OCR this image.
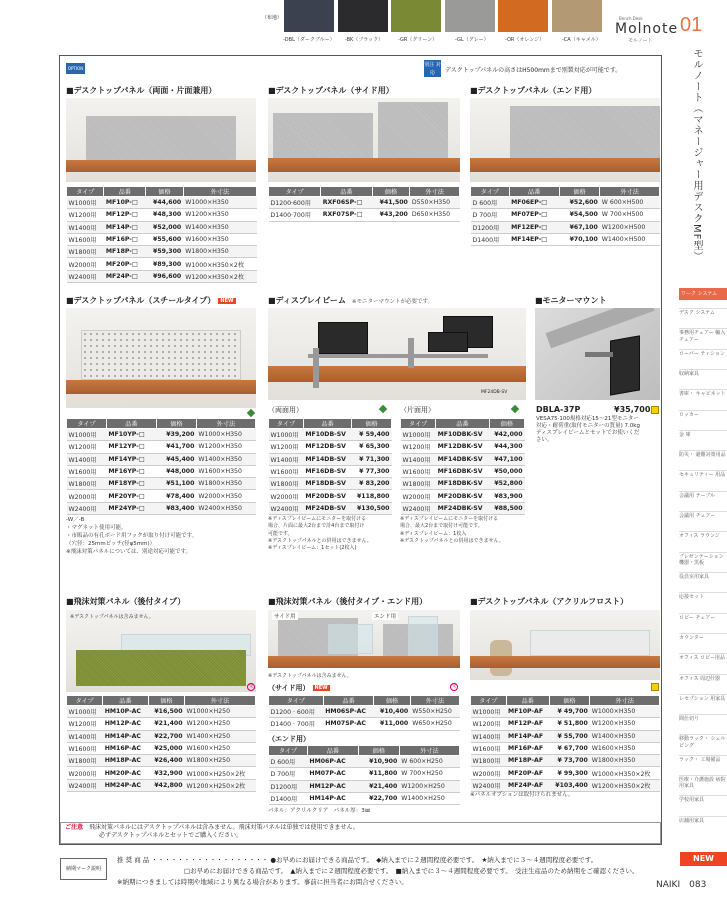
（布地）
-DBL（ダークブルー） -BK（ブラック）	-GR（グリーン）	-GL（グレー）	-OR（オレンジ）	-CA（キャメル）
Bench Desk
Molnote
モルノート
01
モルノート（マネージャー用デスクMF型）
ワーク システム
デスク システム
事務用チェアー 輸入チェアー
ローパー ティション
収納家具
書庫・ キャビネット
ロッカー
金 庫
防災・ 避難対策用品
セキュリティー 用品
会議用 テーブル
会議用 チェアー
オフィス ラウンジ
プレゼンテーション 機器・黒板
役員室用家具
応接セット
ロビー チェアー
カウンター
オフィス ロビー用品
オフィス 周辺什器
レセプション 用家具
間仕切り
移動ラック・ シェルビング
ラック・ 工場備品
医療・介護施設 病院用家具
学校用家具
店舗用家具
OPTION
別注 対応	デスクトップパネルの高さはH500mmまで別製対応が可能です。
■デスクトップパネル（両面・片面兼用）
タイプ	品番	価格	外寸法
W1000用	MF10P-□	¥44,600	W1000×H350
W1200用	MF12P-□	¥48,300	W1200×H350
W1400用	MF14P-□	¥52,000	W1400×H350
W1600用	MF16P-□	¥55,600	W1600×H350
W1800用	MF18P-□	¥59,300	W1800×H350
W2000用	MF20P-□	¥89,300	W1000×H350×2枚
W2400用	MF24P-□	¥96,600	W1200×H350×2枚
■デスクトップパネル（サイド用）
タイプ	品番	価格	外寸法
D1200·600用	RXF06SP-□	¥41,500	D550×H350
D1400·700用	RXF07SP-□	¥43,200	D650×H350
■デスクトップパネル（エンド用）
タイプ	品番	価格	外寸法
D 600用	MF06EP-□	¥52,600	W 600×H500
D 700用	MF07EP-□	¥54,500	W 700×H500
D1200用	MF12EP-□	¥67,100	W1200×H500
D1400用	MF14EP-□	¥70,100	W1400×H500
■デスクトップパネル（スチールタイプ） NEW
タイプ	品番	価格	外寸法
W1000用	MF10YP-□	¥39,200	W1000×H350
W1200用	MF12YP-□	¥41,700	W1200×H350
W1400用	MF14YP-□	¥45,400	W1400×H350
W1600用	MF16YP-□	¥48,000	W1600×H350
W1800用	MF18YP-□	¥51,100	W1800×H350
W2000用	MF20YP-□	¥78,400	W2000×H350
W2400用	MF24YP-□	¥83,400	W2400×H350
-W／-B
・マグネット使用可能。
・市販品の有孔ボード用フックが取り付け可能です。
（穴径：25mmピッチ(径φ5mm)）
※飛沫対策パネルについては、別途対応可能です。
■ディスプレイビーム ※モニターマウントが必要です。
MF24DB-SV
（両面用）
タイプ	品番	価格
W1000用	MF10DB-SV	¥ 59,400
W1200用	MF12DB-SV	¥ 65,300
W1400用	MF14DB-SV	¥ 71,300
W1600用	MF16DB-SV	¥ 77,300
W1800用	MF18DB-SV	¥ 83,200
W2000用	MF20DB-SV	¥118,800
W2400用	MF24DB-SV	¥130,500
（片面用）
タイプ	品番	価格
W1000用	MF10DBK-SV	¥42,000
W1200用	MF12DBK-SV	¥44,300
W1400用	MF14DBK-SV	¥47,100
W1600用	MF16DBK-SV	¥50,000
W1800用	MF18DBK-SV	¥52,800
W2000用	MF20DBK-SV	¥83,900
W2400用	MF24DBK-SV	¥88,500
※ディスプレイビームにモニターを取付ける
場合、片面に最大2台まで計4台まで取付け
可能です。
※デスクトップパネルとの併用はできません。
※ディスプレイビーム：1セット(2枚入)
※ディスプレイビームにモニターを取付ける
場合、最大2台まで取付け可能です。
※ディスプレイビーム：1枚入
※デスクトップパネルとの併用はできません。
■モニターマウント
DBLA-37P	¥35,700
VESA75·100規格対応15〜21型モニター
対応・耐荷重(取付モニターの質量) 7.0kg
ディスプレイビームとセットでお使いくだ
さい。
■飛沫対策パネル（後付タイプ）
※デスクトップパネルは含みません。
受
タイプ	品番	価格	外寸法
W1000用	HM10P-AC	¥16,500	W1000×H250
W1200用	HM12P-AC	¥21,400	W1200×H250
W1400用	HM14P-AC	¥22,700	W1400×H250
W1600用	HM16P-AC	¥25,000	W1600×H250
W1800用	HM18P-AC	¥26,400	W1800×H250
W2000用	HM20P-AC	¥32,900	W1000×H250×2枚
W2400用	HM24P-AC	¥42,800	W1200×H250×2枚
■飛沫対策パネル（後付タイプ・エンド用）
サイド用	エンド用
※デスクトップパネルは含みません。
（サイド用） NEW	受
タイプ	品番	価格	外寸法
D1200 · 600用	HM06SP-AC	¥10,400	W550×H250
D1400 · 700用	HM07SP-AC	¥11,000	W650×H250
（エンド用）
タイプ	品番	価格	外寸法
D 600用	HM06P-AC	¥10,900	W 600×H250
D 700用	HM07P-AC	¥11,800	W 700×H250
D1200用	HM12P-AC	¥21,400	W1200×H250
D1400用	HM14P-AC	¥22,700	W1400×H250
パネル：アクリルクリア　パネル厚：3㎜
■デスクトップパネル（アクリルフロスト）
タイプ	品番	価格	外寸法
W1000用	MF10P-AF	¥ 49,700	W1000×H350
W1200用	MF12P-AF	¥ 51,800	W1200×H350
W1400用	MF14P-AF	¥ 55,700	W1400×H350
W1600用	MF16P-AF	¥ 67,700	W1600×H350
W1800用	MF18P-AF	¥ 73,700	W1800×H350
W2000用	MF20P-AF	¥ 99,300	W1000×H350×2枚
W2400用	MF24P-AF	¥103,400	W1200×H350×2枚
※パネルオプションは取付けられません。
ご注意　 飛沫対策パネルにはデスクトップパネルは含みません。飛沫対策パネルは単独では使用できません。
必ずデスクトップパネルとセットでご購入ください。
納期マーク説明
推 奨 商 品 ・・・・・・・・・・・・・・・・・・ ●お早めにお届けできる商品です。　◆納入までに２週間程度必要です。　★納入までに３〜４週間程度必要です。
□お早めにお届けできる商品です。　▲納入までに２週間程度必要です。　■納入までに３〜４週間程度必要です。　受注生産品のため納期をご確認ください。
※納期につきましては時期や地域により異なる場合があります。事前に担当者にお問合せください。
NEW
NAIKI　 083
